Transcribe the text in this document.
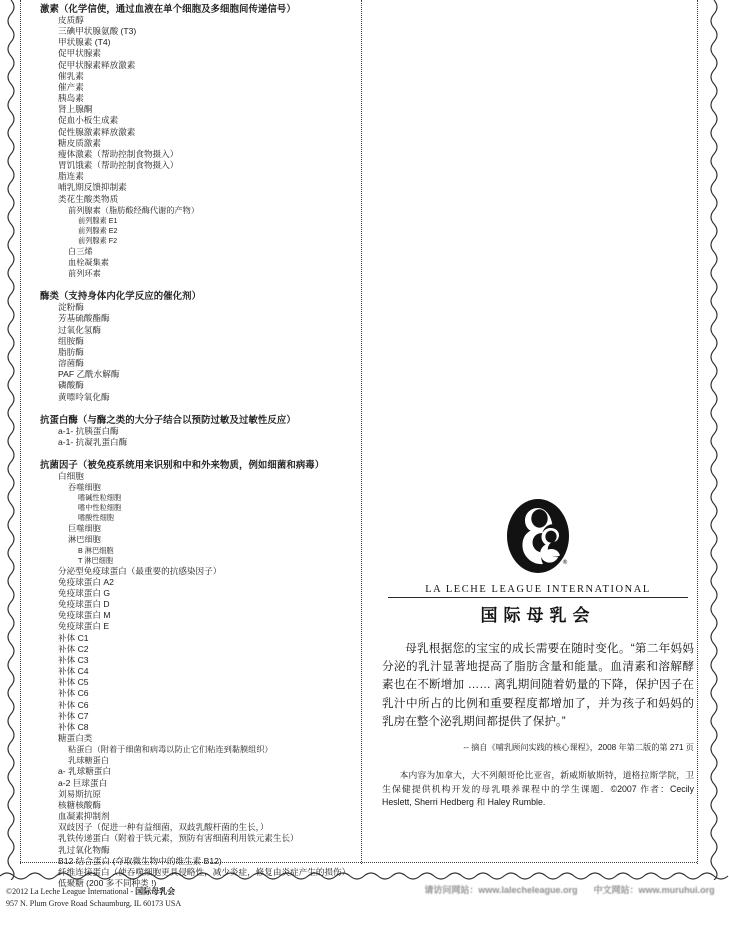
激素（化学信使，通过血液在单个细胞及多细胞间传递信号）
皮质醇
三碘甲状腺氨酸 (T3)
甲状腺素 (T4)
促甲状腺素
促甲状腺素释放激素
催乳素
催产素
胰岛素
肾上腺酮
促血小板生成素
促性腺激素释放激素
糖皮质激素
瘦体激素（帮助控制食物摄入）
胃饥饿素（帮助控制食物摄入）
脂连素
哺乳期反馈抑制素
类花生酸类物质
前列腺素（脂肪酸经酶代谢的产物）
前列腺素 E1
前列腺素 E2
前列腺素 F2
白三烯
血栓凝集素
前列环素
酶类（支持身体内化学反应的催化剂）
淀粉酶
芳基硫酸酯酶
过氧化氢酶
组胺酶
脂肪酶
溶菌酶
PAF 乙酰水解酶
磷酸酶
黄嘌呤氧化酶
抗蛋白酶（与酶之类的大分子结合以预防过敏及过敏性反应）
a-1- 抗胰蛋白酶
a-1- 抗凝乳蛋白酶
抗菌因子（被免疫系统用来识别和中和外来物质，例如细菌和病毒）
白细胞
吞噬细胞
嗜碱性粒细胞
嗜中性粒细胞
嗜酸性细胞
巨噬细胞
淋巴细胞
B 淋巴细胞
T 淋巴细胞
分泌型免疫球蛋白（最重要的抗感染因子）
免疫球蛋白 A2
免疫球蛋白 G
免疫球蛋白 D
免疫球蛋白 M
免疫球蛋白 E
补体 C1
补体 C2
补体 C3
补体 C4
补体 C5
补体 C6
补体 C6
补体 C7
补体 C8
糖蛋白类
粘蛋白（附着于细菌和病毒以防止它们粘连到黏膜组织）
乳球糖蛋白
a- 乳球糖蛋白
a-2 巨球蛋白
刘易斯抗原
核糖核酸酶
血凝素抑制剂
双歧因子（促进一种有益细菌，双歧乳酸杆菌的生长，）
乳铁传递蛋白（附着于铁元素，预防有害细菌利用铁元素生长）
乳过氧化物酶
B12 结合蛋白 (夺取微生物中的维生素 B12)
纤维连接蛋白（使吞噬细胞更具侵略性，减少炎症，修复由炎症产生的损伤）
低聚糖 (200 多不同种类 !)
®
LA LECHE LEAGUE INTERNATIONAL
国际母乳会
母乳根据您的宝宝的成长需要在随时变化。“第二年妈妈分泌的乳汁显著地提高了脂肪含量和能量。血清素和溶解酵素也在不断增加 …… 离乳期间随着奶量的下降，保护因子在乳汁中所占的比例和重要程度都增加了，并为孩子和妈妈的乳房在整个泌乳期间都提供了保护。”
-- 摘自《哺乳顾问实践的核心课程》，2008 年第二版的第 271 页
本内容为加拿大，大不列颠哥伦比亚省，新威斯敏斯特，道格拉斯学院，卫生保健提供机构开发的母乳喂养课程中的学生课题．©2007 作者：Cecily Heslett, Sherri Hedberg 和 Haley Rumble.
©2012 La Leche League International - 国际母乳会
957 N. Plum Grove Road Schaumburg, IL 60173 USA
请访问网站：www.lalecheleague.org 中文网站：www.muruhui.org
